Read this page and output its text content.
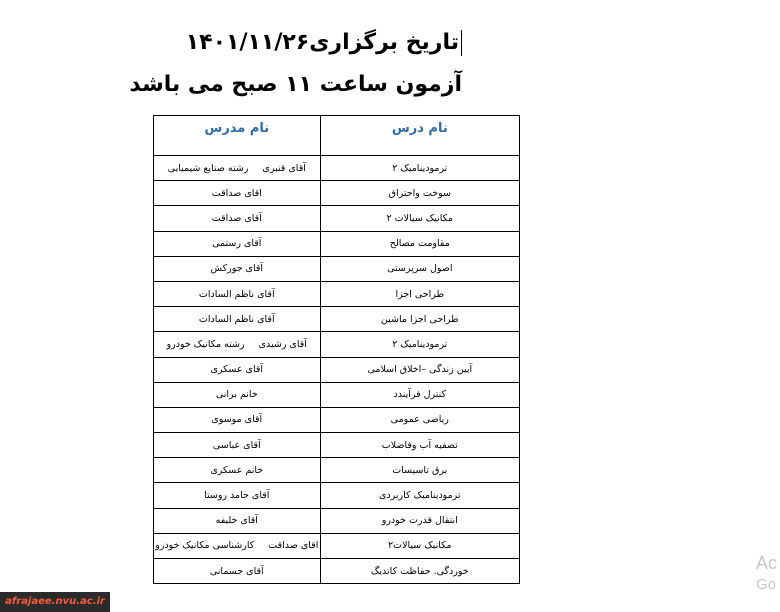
تاریخ برگزاری۱۴۰۱/۱۱/۲۶
آزمون ساعت ۱۱ صبح می باشد
نام درس	نام مدرس
ترمودینامیک ۲	آقای قنبریرشته صنایع شیمیایی
سوخت واحتراق	اقای صداقت
مکانیک سیالات ۲	آقای صداقت
مقاومت مصالح	آقای رستمی
اصول سرپرستی	آقای جورکش
طراحی اجزا	آقای ناظم السادات
طراحی اجزا ماشین	آقای ناظم السادات
ترمودینامیک ۲	آقای رشیدیرشته مکانیک خودرو
آیین زندگی –اخلاق اسلامی	آقای عسکری
کنترل فرآیندد	خانم برانی
ریاضی عمومی	آقای موسوی
تصفیه آب وفاضلاب	آقای عباسی
برق تاسیسات	خانم عسکری
ترمودینامیک کاربردی	آقای حامد روستا
انتقال قدرت خودرو	آقای خلیفه
مکانیک سیالات۲	اقای صداقتکارشناسی مکانیک خودرو
خوردگی. حفاظت کاتدیگ	آقای جسمانی
afrajaee.nvu.ac.ir
Ac
Go
